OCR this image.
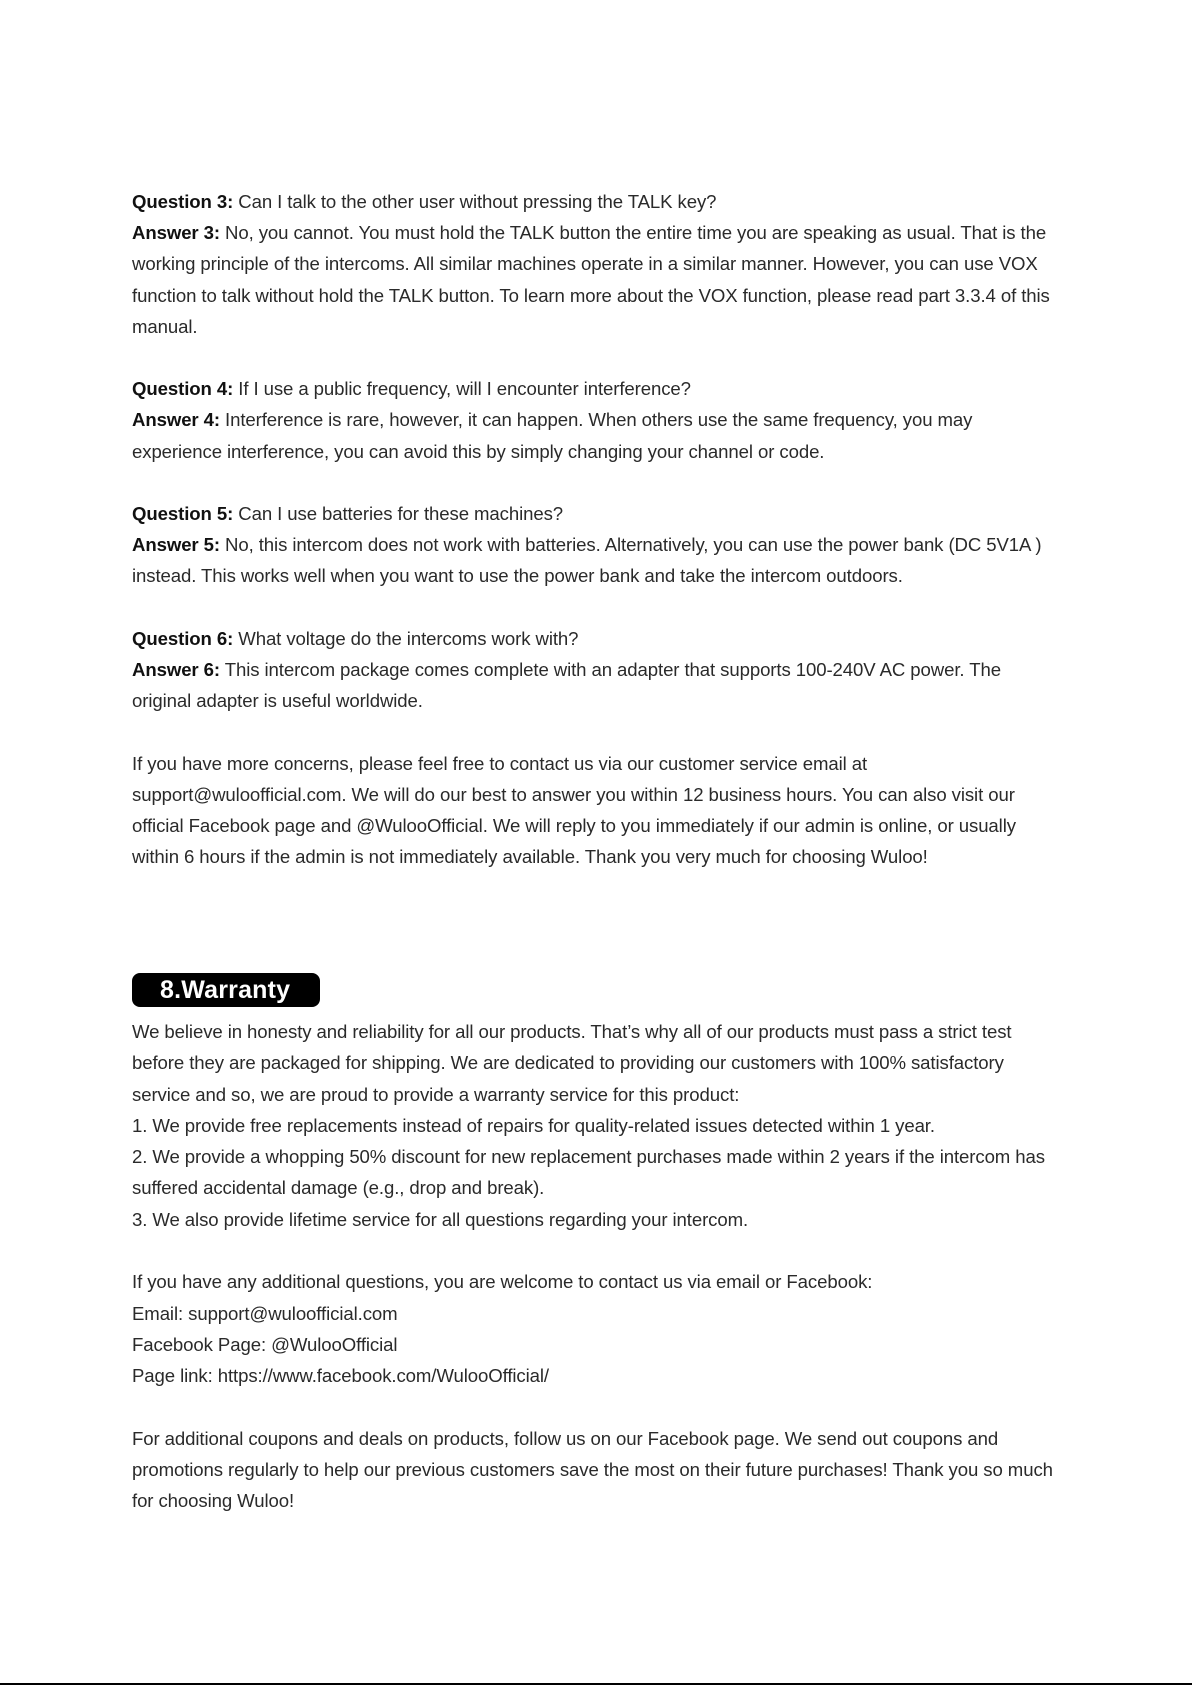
Question 3: Can I talk to the other user without pressing the TALK key?

Answer 3: No, you cannot. You must hold the TALK button the entire time you are speaking as usual. That is the working principle of the intercoms. All similar machines operate in a similar manner. However, you can use VOX function to talk without hold the TALK button. To learn more about the VOX function, please read part 3.3.4 of this manual.

Question 4: If I use a public frequency, will I encounter interference?

Answer 4: Interference is rare, however, it can happen. When others use the same frequency, you may experience interference, you can avoid this by simply changing your channel or code.

Question 5: Can I use batteries for these machines?

Answer 5: No, this intercom does not work with batteries. Alternatively, you can use the power bank (DC 5V1A ) instead. This works well when you want to use the power bank and take the intercom outdoors.

Question 6: What voltage do the intercoms work with?

Answer 6: This intercom package comes complete with an adapter that supports 100-240V AC power. The original adapter is useful worldwide.

If you have more concerns, please feel free to contact us via our customer service email at support@wuloofficial.com. We will do our best to answer you within 12 business hours. You can also visit our official Facebook page and @WulooOfficial. We will reply to you immediately if our admin is online, or usually within 6 hours if the admin is not immediately available. Thank you very much for choosing Wuloo!

8.Warranty

We believe in honesty and reliability for all our products. That’s why all of our products must pass a strict test before they are packaged for shipping. We are dedicated to providing our customers with 100% satisfactory service and so, we are proud to provide a warranty service for this product:

1. We provide free replacements instead of repairs for quality-related issues detected within 1 year.

2. We provide a whopping 50% discount for new replacement purchases made within 2 years if the intercom has suffered accidental damage (e.g., drop and break).

3. We also provide lifetime service for all questions regarding your intercom.

If you have any additional questions, you are welcome to contact us via email or Facebook:

Email: support@wuloofficial.com

Facebook Page: @WulooOfficial

Page link: https://www.facebook.com/WulooOfficial/

For additional coupons and deals on products, follow us on our Facebook page. We send out coupons and promotions regularly to help our previous customers save the most on their future purchases! Thank you so much for choosing Wuloo!
